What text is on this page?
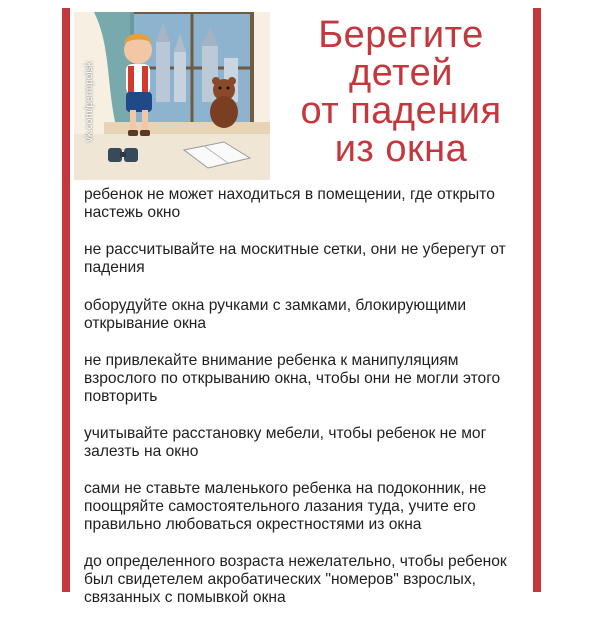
vk.com/permpoisk
Берегите
детей
от падения
из окна
ребенок не может находиться в помещении, где открыто настежь окно
не рассчитывайте на москитные сетки, они не уберегут от падения
оборудуйте окна ручками с замками, блокирующими открывание окна
не привлекайте внимание ребенка к манипуляциям взрослого по открыванию окна, чтобы они не могли этого повторить
учитывайте расстановку мебели, чтобы ребенок не мог залезть на окно
сами не ставьте маленького ребенка на подоконник, не поощряйте самостоятельного лазания туда, учите его правильно любоваться окрестностями из окна
до определенного возраста нежелательно, чтобы ребенок был свидетелем акробатических "номеров" взрослых, связанных с помывкой окна
